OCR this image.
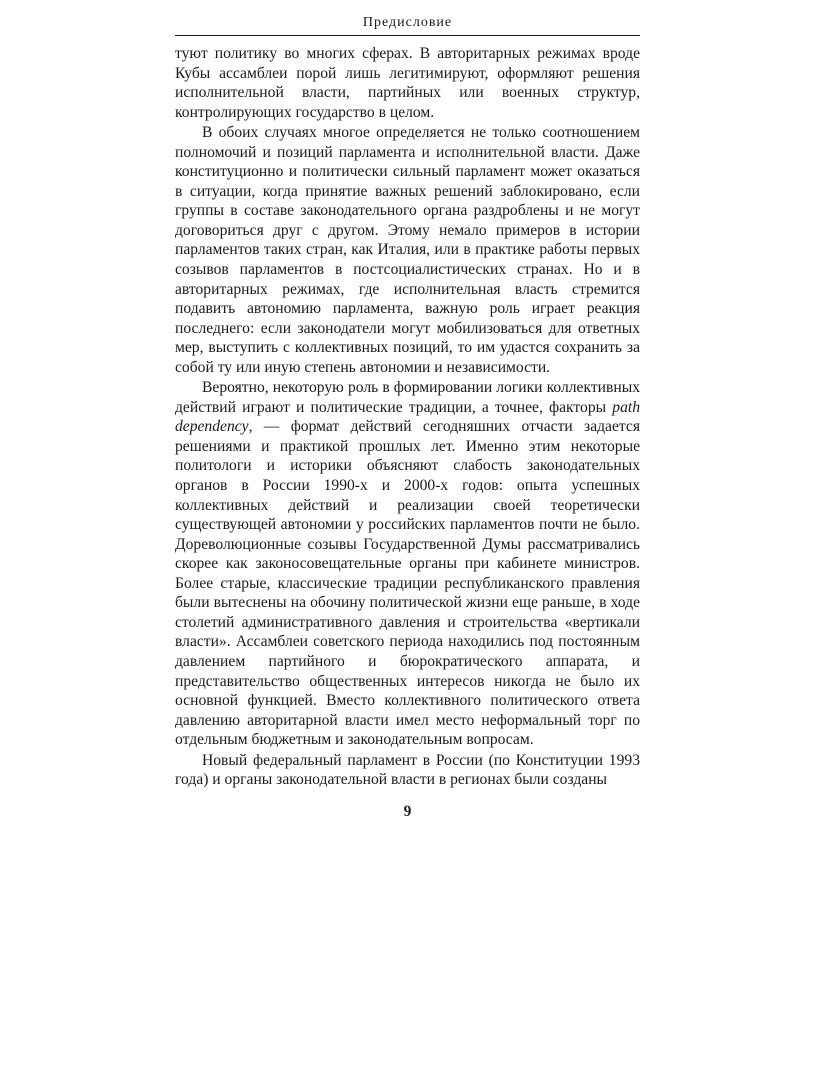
Предисловие

туют политику во многих сферах. В авторитарных режимах вроде Кубы ассамблеи порой лишь легитимируют, оформляют решения исполнительной власти, партийных или военных структур, контролирующих государство в целом.

В обоих случаях многое определяется не только соотношением полномочий и позиций парламента и исполнительной власти. Даже конституционно и политически сильный парламент может оказаться в ситуации, когда принятие важных решений заблокировано, если группы в составе законодательного органа раздроблены и не могут договориться друг с другом. Этому немало примеров в истории парламентов таких стран, как Италия, или в практике работы первых созывов парламентов в постсоциалистических странах. Но и в авторитарных режимах, где исполнительная власть стремится подавить автономию парламента, важную роль играет реакция последнего: если законодатели могут мобилизоваться для ответных мер, выступить с коллективных позиций, то им удастся сохранить за собой ту или иную степень автономии и независимости.

Вероятно, некоторую роль в формировании логики коллективных действий играют и политические традиции, а точнее, факторы path dependency, — формат действий сегодняшних отчасти задается решениями и практикой прошлых лет. Именно этим некоторые политологи и историки объясняют слабость законодательных органов в России 1990-х и 2000-х годов: опыта успешных коллективных действий и реализации своей теоретически существующей автономии у российских парламентов почти не было. Дореволюционные созывы Государственной Думы рассматривались скорее как законосовещательные органы при кабинете министров. Более старые, классические традиции республиканского правления были вытеснены на обочину политической жизни еще раньше, в ходе столетий административного давления и строительства «вертикали власти». Ассамблеи советского периода находились под постоянным давлением партийного и бюрократического аппарата, и представительство общественных интересов никогда не было их основной функцией. Вместо коллективного политического ответа давлению авторитарной власти имел место неформальный торг по отдельным бюджетным и законодательным вопросам.

Новый федеральный парламент в России (по Конституции 1993 года) и органы законодательной власти в регионах были созданы

9
